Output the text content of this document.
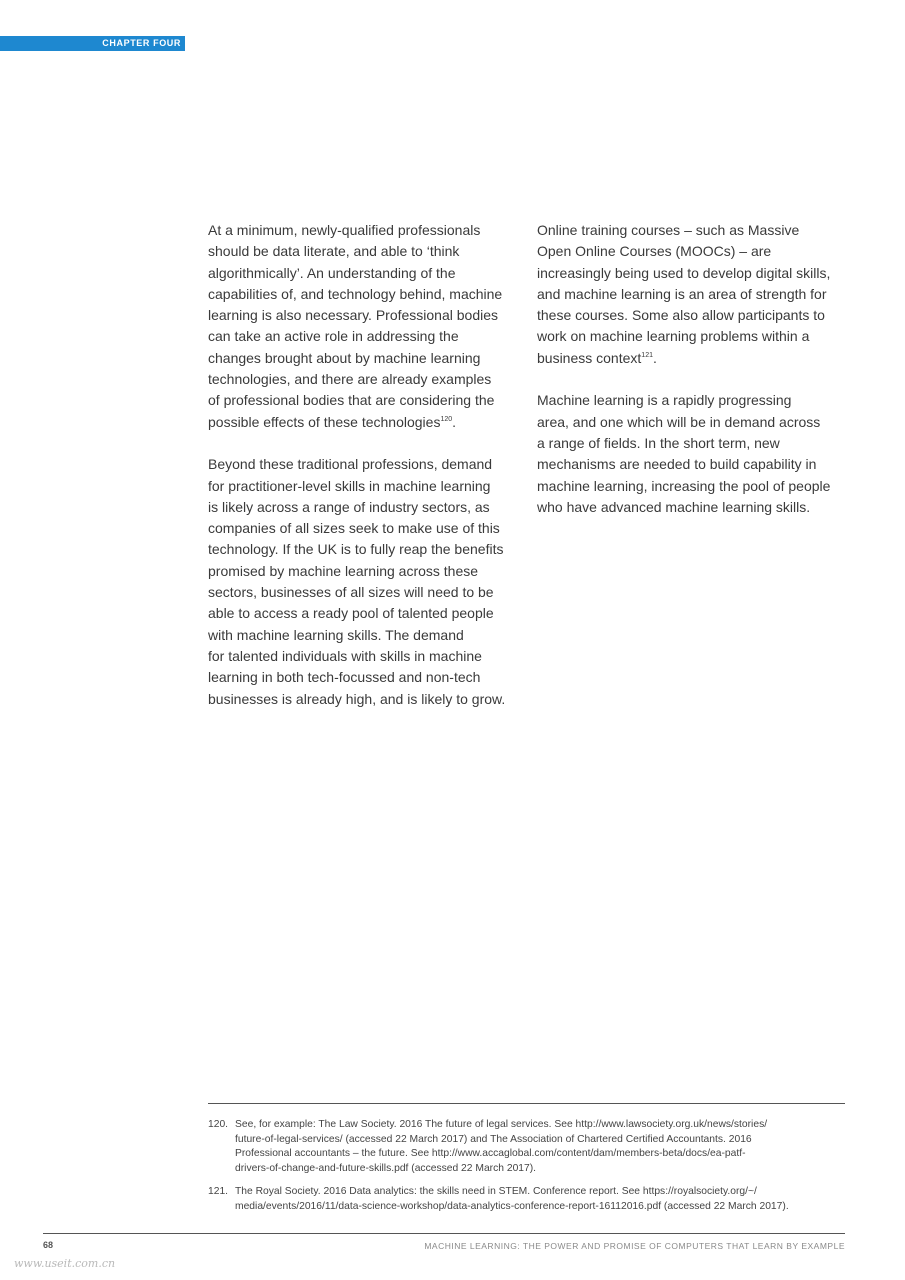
CHAPTER FOUR

At a minimum, newly-qualified professionals
should be data literate, and able to ‘think
algorithmically’. An understanding of the
capabilities of, and technology behind, machine
learning is also necessary. Professional bodies
can take an active role in addressing the
changes brought about by machine learning
technologies, and there are already examples
of professional bodies that are considering the
possible effects of these technologies$^{120}$.

Beyond these traditional professions, demand
for practitioner-level skills in machine learning
is likely across a range of industry sectors, as
companies of all sizes seek to make use of this
technology. If the UK is to fully reap the benefits
promised by machine learning across these
sectors, businesses of all sizes will need to be
able to access a ready pool of talented people
with machine learning skills. The demand
for talented individuals with skills in machine
learning in both tech-focussed and non-tech
businesses is already high, and is likely to grow.

Online training courses – such as Massive
Open Online Courses (MOOCs) – are
increasingly being used to develop digital skills,
and machine learning is an area of strength for
these courses. Some also allow participants to
work on machine learning problems within a
business context$^{121}$.

Machine learning is a rapidly progressing
area, and one which will be in demand across
a range of fields. In the short term, new
mechanisms are needed to build capability in
machine learning, increasing the pool of people
who have advanced machine learning skills.

120. See, for example: The Law Society. 2016 The future of legal services. See http://www.lawsociety.org.uk/news/stories/
future-of-legal-services/ (accessed 22 March 2017) and The Association of Chartered Certified Accountants. 2016
Professional accountants – the future. See http://www.accaglobal.com/content/dam/members-beta/docs/ea-patf-
drivers-of-change-and-future-skills.pdf (accessed 22 March 2017).
121. The Royal Society. 2016 Data analytics: the skills need in STEM. Conference report. See https://royalsociety.org/~/
media/events/2016/11/data-science-workshop/data-analytics-conference-report-16112016.pdf (accessed 22 March 2017).
68	MACHINE LEARNING: THE POWER AND PROMISE OF COMPUTERS THAT LEARN BY EXAMPLE
www.useit.com.cn
